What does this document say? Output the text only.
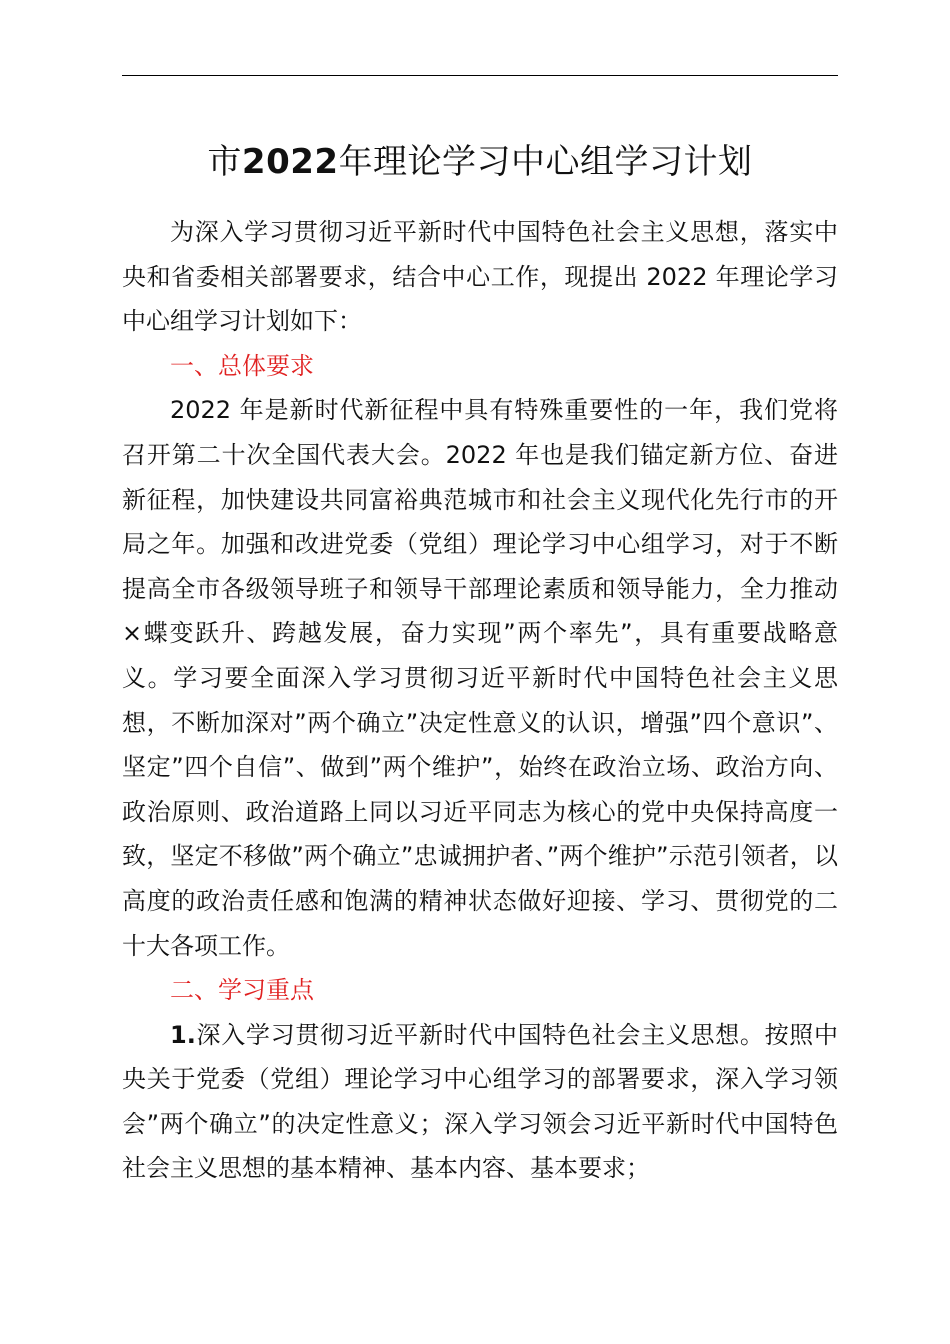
市2022年理论学习中心组学习计划

为深入学习贯彻习近平新时代中国特色社会主义思想，落实中央和省委相关部署要求，结合中心工作，现提出 2022 年理论学习中心组学习计划如下：

一、总体要求

2022 年是新时代新征程中具有特殊重要性的一年，我们党将召开第二十次全国代表大会。2022 年也是我们锚定新方位、奋进新征程，加快建设共同富裕典范城市和社会主义现代化先行市的开局之年。加强和改进党委（党组）理论学习中心组学习，对于不断提高全市各级领导班子和领导干部理论素质和领导能力，全力推动×蝶变跃升、跨越发展，奋力实现”两个率先”，具有重要战略意义。学习要全面深入学习贯彻习近平新时代中国特色社会主义思想，不断加深对”两个确立”决定性意义的认识，增强”四个意识”、坚定”四个自信”、做到”两个维护”，始终在政治立场、政治方向、政治原则、政治道路上同以习近平同志为核心的党中央保持高度一致，坚定不移做”两个确立”忠诚拥护者、”两个维护”示范引领者，以高度的政治责任感和饱满的精神状态做好迎接、学习、贯彻党的二十大各项工作。

二、学习重点

1.深入学习贯彻习近平新时代中国特色社会主义思想。按照中央关于党委（党组）理论学习中心组学习的部署要求，深入学习领会”两个确立”的决定性意义；深入学习领会习近平新时代中国特色社会主义思想的基本精神、基本内容、基本要求；
